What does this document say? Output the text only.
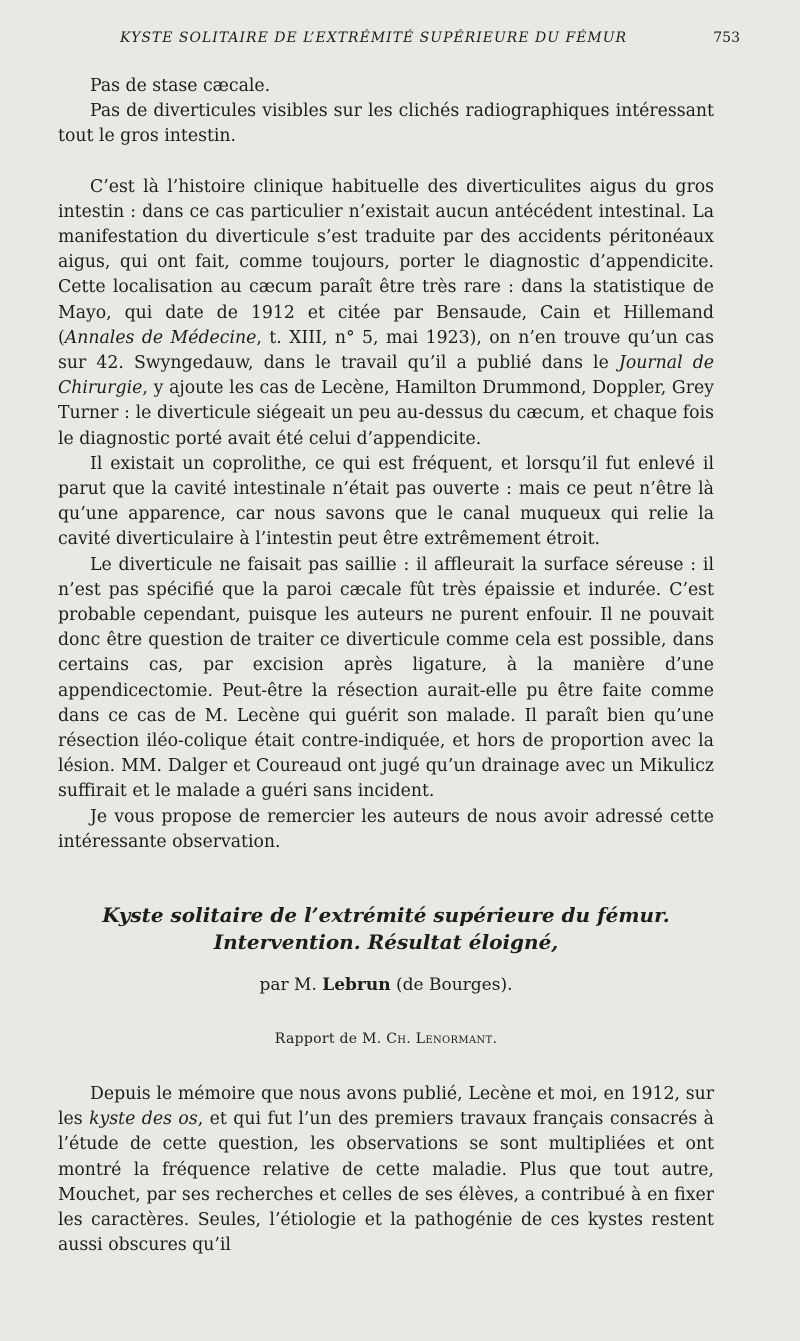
KYSTE SOLITAIRE DE L’EXTRÉMITÉ SUPÉRIEURE DU FÉMUR	753

Pas de stase cæcale.

Pas de diverticules visibles sur les clichés radiographiques intéressant tout le gros intestin.

C’est là l’histoire clinique habituelle des diverticulites aigus du gros intestin : dans ce cas particulier n’existait aucun antécédent intestinal. La manifestation du diverticule s’est traduite par des accidents péritonéaux aigus, qui ont fait, comme toujours, porter le diagnostic d’appendicite. Cette localisation au cæcum paraît être très rare : dans la statistique de Mayo, qui date de 1912 et citée par Bensaude, Cain et Hillemand (Annales de Médecine, t. XIII, n° 5, mai 1923), on n’en trouve qu’un cas sur 42. Swyngedauw, dans le travail qu’il a publié dans le Journal de Chirurgie, y ajoute les cas de Lecène, Hamilton Drummond, Doppler, Grey Turner : le diverticule siégeait un peu au-dessus du cæcum, et chaque fois le diagnostic porté avait été celui d’appendicite.

Il existait un coprolithe, ce qui est fréquent, et lorsqu’il fut enlevé il parut que la cavité intestinale n’était pas ouverte : mais ce peut n’être là qu’une apparence, car nous savons que le canal muqueux qui relie la cavité diverticulaire à l’intestin peut être extrêmement étroit.

Le diverticule ne faisait pas saillie : il affleurait la surface séreuse : il n’est pas spécifié que la paroi cæcale fût très épaissie et indurée. C’est probable cependant, puisque les auteurs ne purent enfouir. Il ne pouvait donc être question de traiter ce diverticule comme cela est possible, dans certains cas, par excision après ligature, à la manière d’une appendicectomie. Peut-être la résection aurait-elle pu être faite comme dans ce cas de M. Lecène qui guérit son malade. Il paraît bien qu’une résection iléo-colique était contre-indiquée, et hors de proportion avec la lésion. MM. Dalger et Coureaud ont jugé qu’un drainage avec un Mikulicz suffirait et le malade a guéri sans incident.

Je vous propose de remercier les auteurs de nous avoir adressé cette intéressante observation.

Kyste solitaire de l’extrémité supérieure du fémur.
Intervention. Résultat éloigné,
par M. Lebrun (de Bourges).
Rapport de M. Ch. Lenormant.

Depuis le mémoire que nous avons publié, Lecène et moi, en 1912, sur les kyste des os, et qui fut l’un des premiers travaux français consacrés à l’étude de cette question, les observations se sont multipliées et ont montré la fréquence relative de cette maladie. Plus que tout autre, Mouchet, par ses recherches et celles de ses élèves, a contribué à en fixer les caractères. Seules, l’étiologie et la pathogénie de ces kystes restent aussi obscures qu’il
